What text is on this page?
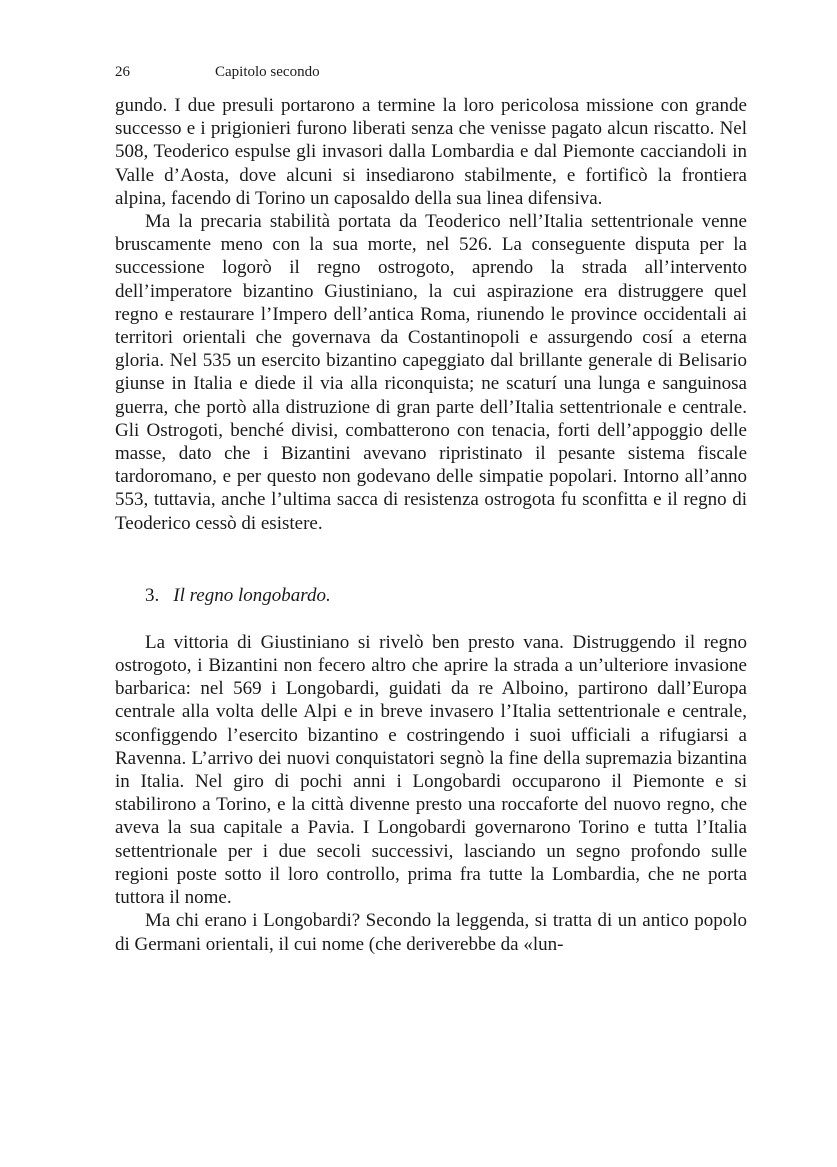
26	Capitolo secondo

gundo. I due presuli portarono a termine la loro pericolosa missione con grande successo e i prigionieri furono liberati senza che venisse pagato alcun riscatto. Nel 508, Teoderico espulse gli invasori dalla Lombardia e dal Piemonte cacciandoli in Valle d’Aosta, dove alcuni si insediarono stabilmente, e fortificò la frontiera alpina, facendo di Torino un caposaldo della sua linea difensiva.

Ma la precaria stabilità portata da Teoderico nell’Italia settentrionale venne bruscamente meno con la sua morte, nel 526. La conseguente disputa per la successione logorò il regno ostrogoto, aprendo la strada all’intervento dell’imperatore bizantino Giustiniano, la cui aspirazione era distruggere quel regno e restaurare l’Impero dell’antica Roma, riunendo le province occidentali ai territori orientali che governava da Costantinopoli e assurgendo cosí a eterna gloria. Nel 535 un esercito bizantino capeggiato dal brillante generale di Belisario giunse in Italia e diede il via alla riconquista; ne scaturí una lunga e sanguinosa guerra, che portò alla distruzione di gran parte dell’Italia settentrionale e centrale. Gli Ostrogoti, benché divisi, combatterono con tenacia, forti dell’appoggio delle masse, dato che i Bizantini avevano ripristinato il pesante sistema fiscale tardoromano, e per questo non godevano delle simpatie popolari. Intorno all’anno 553, tuttavia, anche l’ultima sacca di resistenza ostrogota fu sconfitta e il regno di Teoderico cessò di esistere.

3. Il regno longobardo.

La vittoria di Giustiniano si rivelò ben presto vana. Distruggendo il regno ostrogoto, i Bizantini non fecero altro che aprire la strada a un’ulteriore invasione barbarica: nel 569 i Longobardi, guidati da re Alboino, partirono dall’Europa centrale alla volta delle Alpi e in breve invasero l’Italia settentrionale e centrale, sconfiggendo l’esercito bizantino e costringendo i suoi ufficiali a rifugiarsi a Ravenna. L’arrivo dei nuovi conquistatori segnò la fine della supremazia bizantina in Italia. Nel giro di pochi anni i Longobardi occuparono il Piemonte e si stabilirono a Torino, e la città divenne presto una roccaforte del nuovo regno, che aveva la sua capitale a Pavia. I Longobardi governarono Torino e tutta l’Italia settentrionale per i due secoli successivi, lasciando un segno profondo sulle regioni poste sotto il loro controllo, prima fra tutte la Lombardia, che ne porta tuttora il nome.

Ma chi erano i Longobardi? Secondo la leggenda, si tratta di un antico popolo di Germani orientali, il cui nome (che deriverebbe da «lun-
